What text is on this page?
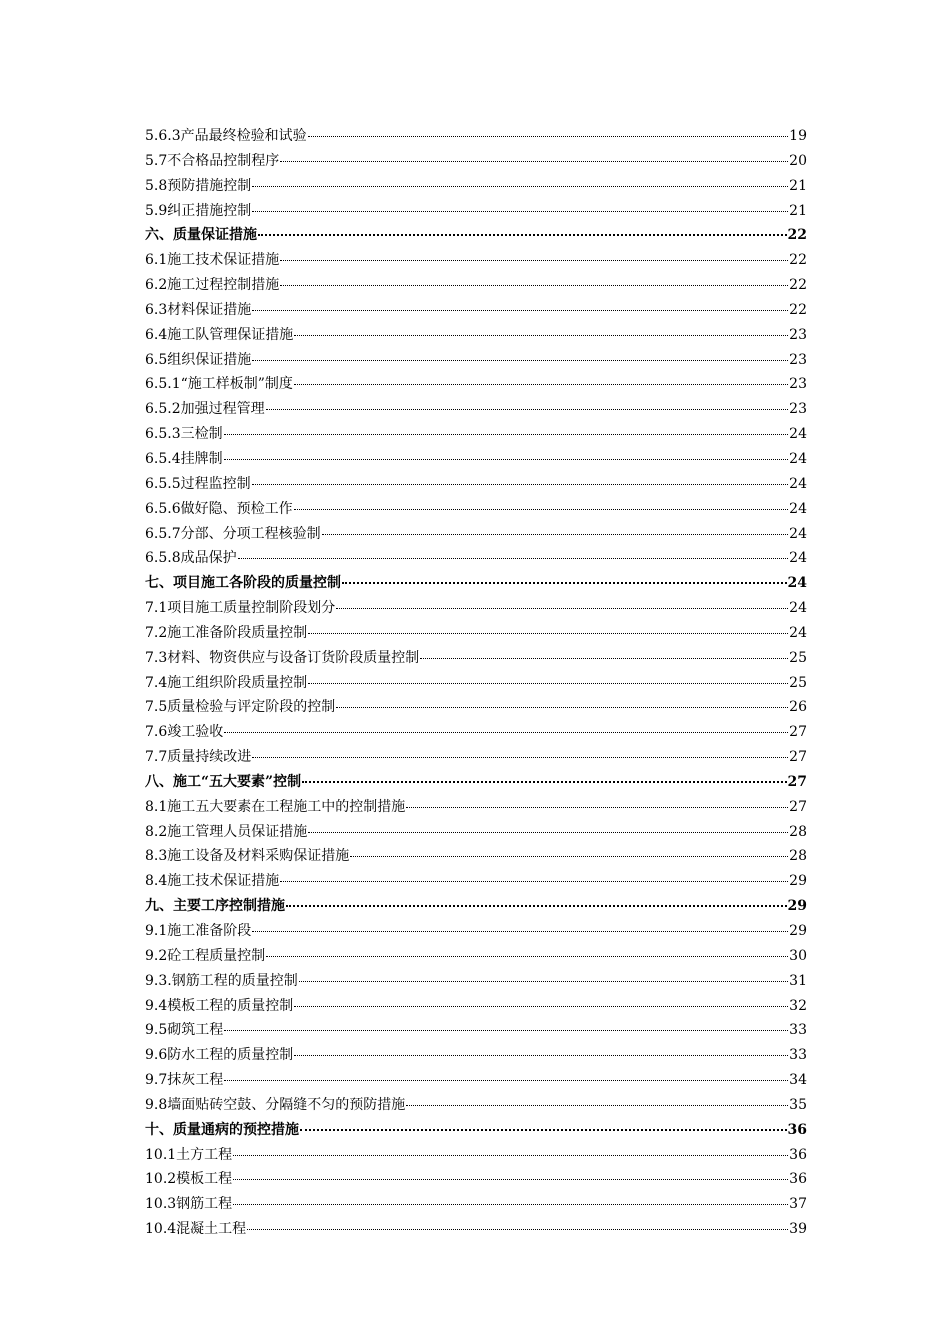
5.6.3产品最终检验和试验	19
5.7不合格品控制程序	20
5.8预防措施控制	21
5.9纠正措施控制	21
六、质量保证措施	22
6.1施工技术保证措施	22
6.2施工过程控制措施	22
6.3材料保证措施	22
6.4施工队管理保证措施	23
6.5组织保证措施	23
6.5.1“施工样板制”制度	23
6.5.2加强过程管理	23
6.5.3三检制	24
6.5.4挂牌制	24
6.5.5过程监控制	24
6.5.6做好隐、预检工作	24
6.5.7分部、分项工程核验制	24
6.5.8成品保护	24
七、项目施工各阶段的质量控制	24
7.1项目施工质量控制阶段划分	24
7.2施工准备阶段质量控制	24
7.3材料、物资供应与设备订货阶段质量控制	25
7.4施工组织阶段质量控制	25
7.5质量检验与评定阶段的控制	26
7.6竣工验收	27
7.7质量持续改进	27
八、施工“五大要素”控制	27
8.1施工五大要素在工程施工中的控制措施	27
8.2施工管理人员保证措施	28
8.3施工设备及材料采购保证措施	28
8.4施工技术保证措施	29
九、主要工序控制措施	29
9.1施工准备阶段	29
9.2砼工程质量控制	30
9.3.钢筋工程的质量控制	31
9.4模板工程的质量控制	32
9.5砌筑工程	33
9.6防水工程的质量控制	33
9.7抹灰工程	34
9.8墙面贴砖空鼓、分隔缝不匀的预防措施	35
十、质量通病的预控措施	36
10.1土方工程	36
10.2模板工程	36
10.3钢筋工程	37
10.4混凝土工程	39
